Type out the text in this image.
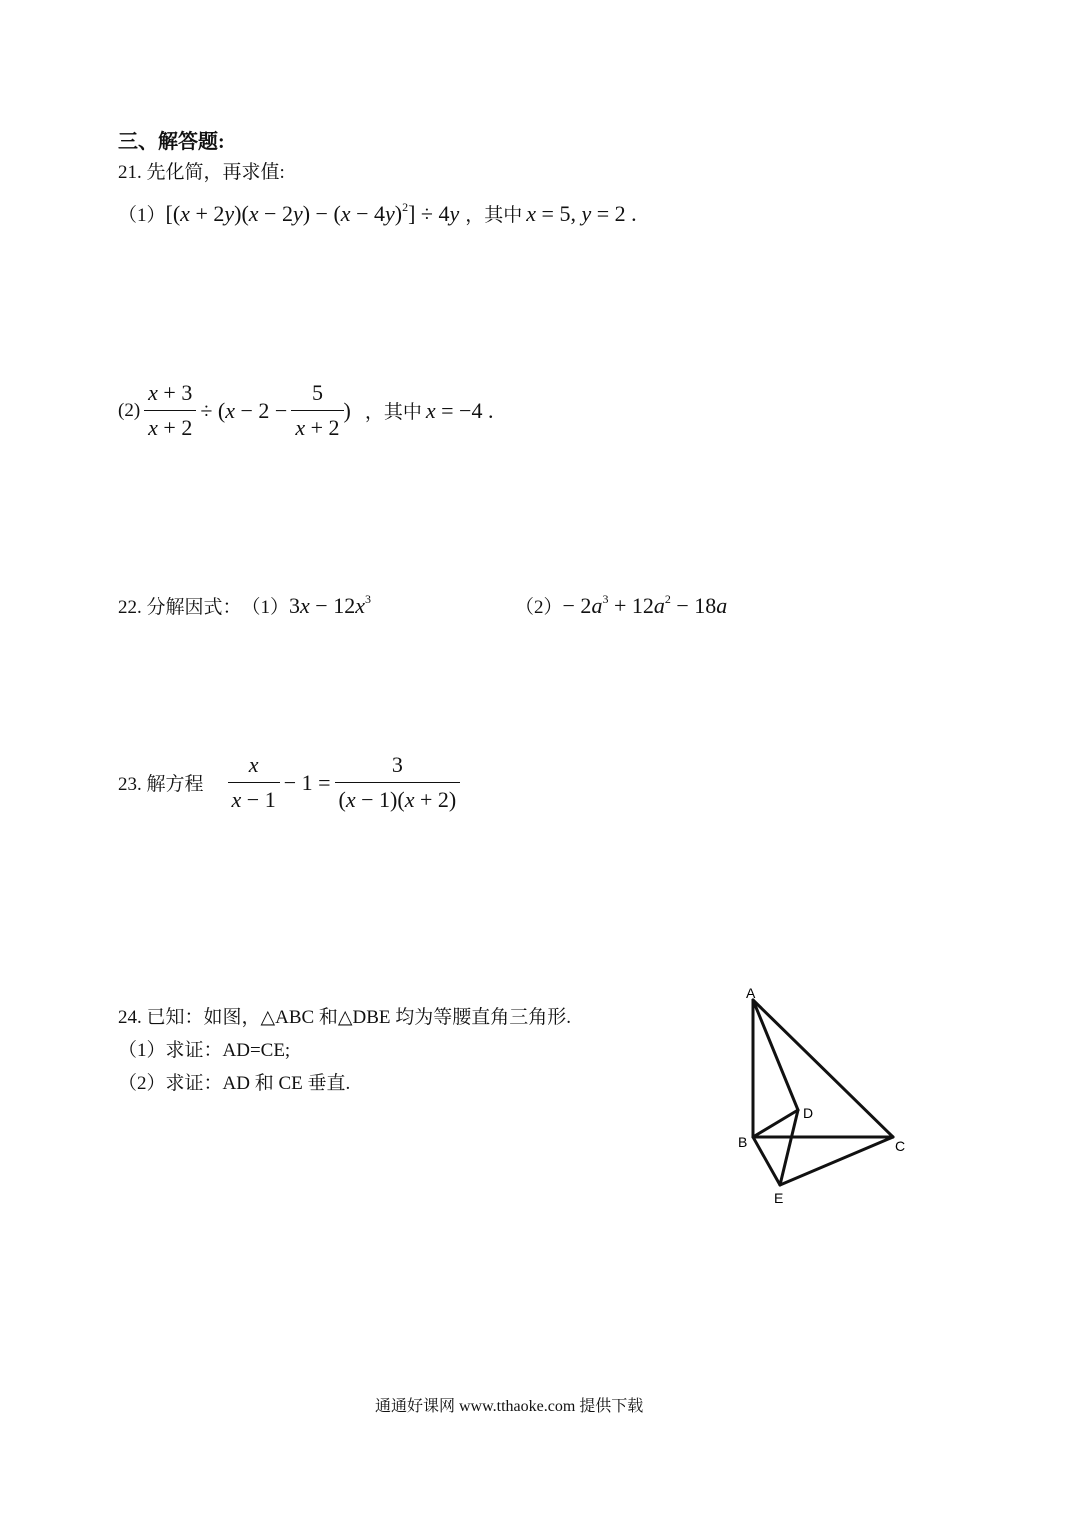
三、解答题:
21. 先化简，再求值:
（1） $[(x + 2y)(x - 2y) - (x - 4y)^2] \div 4y$ ，其中 x = 5, y = 2 .
$(2) \frac{x + 3}{x + 2} \div (x - 2 - \frac{5}{x + 2}$ ) ，其中 x = −4 .
22. 分解因式： （1） $3x - 12x^3$	$(2) - 2a^3 + 12a^2 - 18a$
23. 解方程 $\frac{x}{x - 1} - 1 = \frac{3}{(x - 1)(x + 2)}$
24. 已知：如图，△ABC 和△DBE 均为等腰直角三角形.
（1）求证：AD=CE;
（2）求证：AD 和 CE 垂直.
A
B	C
D
E
通通好课网 www.tthaoke.com 提供下载
